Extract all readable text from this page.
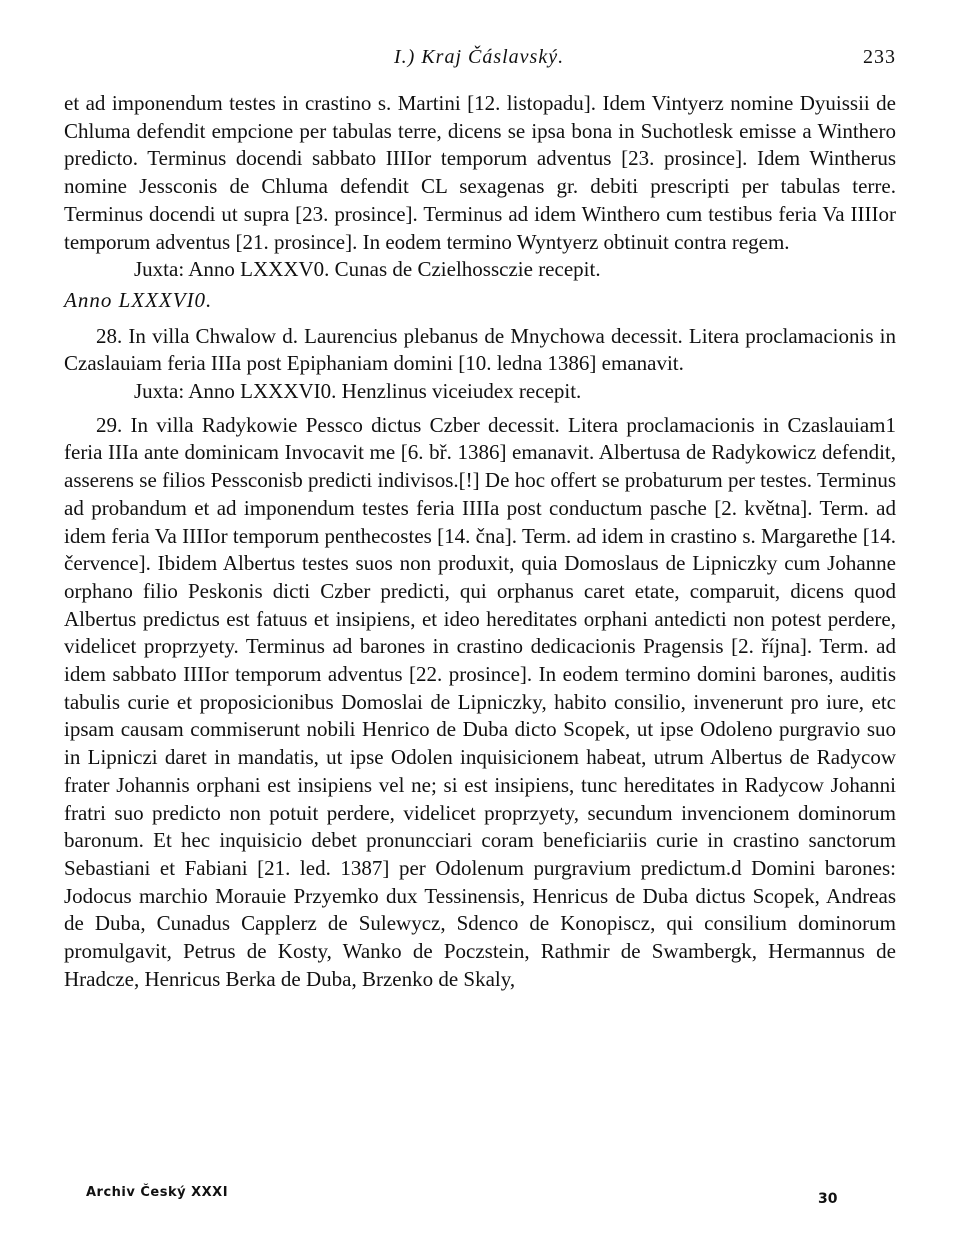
I.) Kraj Čáslavský.	233

et ad imponendum testes in crastino s. Martini [12. listopadu]. Idem Vintyerz nomine Dyuissii de Chluma defendit empcione per tabulas terre, dicens se ipsa bona in Suchotlesk emisse a Winthero predicto. Terminus docendi sabbato IIIIor temporum adventus [23. prosince]. Idem Wintherus nomine Jessconis de Chluma defendit CL sexagenas gr. debiti prescripti per tabulas terre. Terminus docendi ut supra [23. prosince]. Terminus ad idem Winthero cum testibus feria Va IIIIor temporum adventus [21. prosince]. In eodem termino Wyntyerz obtinuit contra regem.

Juxta: Anno LXXXV0. Cunas de Czielhossczie recepit.

Anno LXXXVI0.

28. In villa Chwalow d. Laurencius plebanus de Mnychowa decessit. Litera proclamacionis in Czaslauiam feria IIIa post Epiphaniam domini [10. ledna 1386] emanavit.

Juxta: Anno LXXXVI0. Henzlinus viceiudex recepit.

29. In villa Radykowie Pessco dictus Czber decessit. Litera proclamacionis in Czaslauiam1 feria IIIa ante dominicam Invocavit me [6. bř. 1386] emanavit. Albertusa de Radykowicz defendit, asserens se filios Pessconisb predicti indivisos.[!] De hoc offert se probaturum per testes. Terminus ad probandum et ad imponendum testes feria IIIIa post conductum pasche [2. května]. Term. ad idem feria Va IIIIor temporum penthecostes [14. čna]. Term. ad idem in crastino s. Margarethe [14. července]. Ibidem Albertus testes suos non produxit, quia Domoslaus de Lipniczky cum Johanne orphano filio Peskonis dicti Czber predicti, qui orphanus caret etate, comparuit, dicens quod Albertus predictus est fatuus et insipiens, et ideo hereditates orphani antedicti non potest perdere, videlicet proprzyety. Terminus ad barones in crastino dedicacionis Pragensis [2. října]. Term. ad idem sabbato IIIIor temporum adventus [22. prosince]. In eodem termino domini barones, auditis tabulis curie et proposicionibus Domoslai de Lipniczky, habito consilio, invenerunt pro iure, etc ipsam causam commiserunt nobili Henrico de Duba dicto Scopek, ut ipse Odoleno purgravio suo in Lipniczi daret in mandatis, ut ipse Odolen inquisicionem habeat, utrum Albertus de Radycow frater Johannis orphani est insipiens vel ne; si est insipiens, tunc hereditates in Radycow Johanni fratri suo predicto non potuit perdere, videlicet proprzyety, secundum invencionem dominorum baronum. Et hec inquisicio debet pronuncciari coram beneficiariis curie in crastino sanctorum Sebastiani et Fabiani [21. led. 1387] per Odolenum purgravium predictum.d Domini barones: Jodocus marchio Morauie Przyemko dux Tessinensis, Henricus de Duba dictus Scopek, Andreas de Duba, Cunadus Capplerz de Sulewycz, Sdenco de Konopiscz, qui consilium dominorum promulgavit, Petrus de Kosty, Wanko de Poczstein, Rathmir de Swambergk, Hermannus de Hradcze, Henricus Berka de Duba, Brzenko de Skaly,

Archiv Český XXXI	30
